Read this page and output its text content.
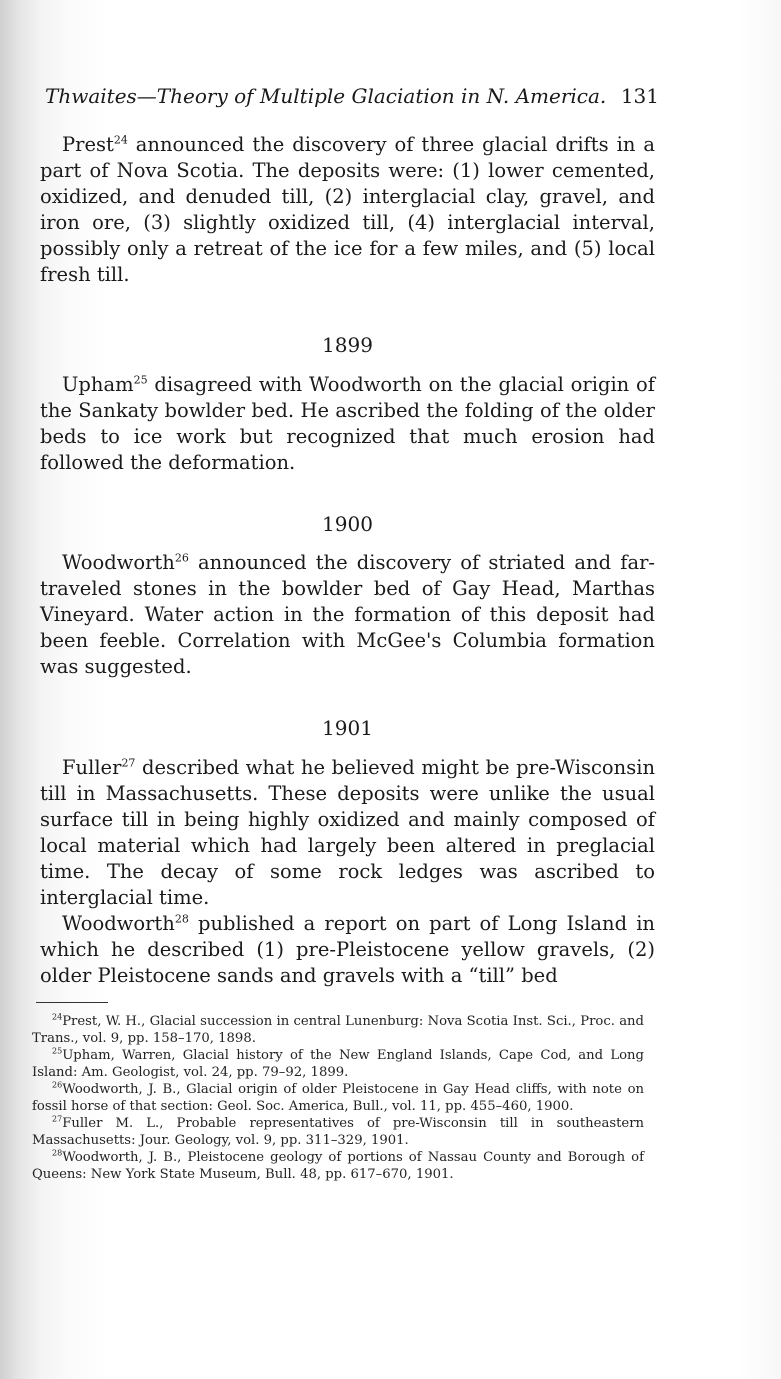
Thwaites—Theory of Multiple Glaciation in N. America. 131

Prest$^{24}$ announced the discovery of three glacial drifts in a part of Nova Scotia. The deposits were: (1) lower cemented, oxidized, and denuded till, (2) interglacial clay, gravel, and iron ore, (3) slightly oxidized till, (4) interglacial interval, possibly only a retreat of the ice for a few miles, and (5) local fresh till.

1899

Upham$^{25}$ disagreed with Woodworth on the glacial origin of the Sankaty bowlder bed. He ascribed the folding of the older beds to ice work but recognized that much erosion had followed the deformation.

1900

Woodworth$^{26}$ announced the discovery of striated and far-traveled stones in the bowlder bed of Gay Head, Marthas Vineyard. Water action in the formation of this deposit had been feeble. Correlation with McGee's Columbia formation was suggested.

1901

Fuller$^{27}$ described what he believed might be pre-Wisconsin till in Massachusetts. These deposits were unlike the usual surface till in being highly oxidized and mainly composed of local material which had largely been altered in preglacial time. The decay of some rock ledges was ascribed to interglacial time.

Woodworth$^{28}$ published a report on part of Long Island in which he described (1) pre-Pleistocene yellow gravels, (2) older Pleistocene sands and gravels with a “till” bed

$^{24}$Prest, W. H., Glacial succession in central Lunenburg: Nova Scotia Inst. Sci., Proc. and Trans., vol. 9, pp. 158–170, 1898.

$^{25}$Upham, Warren, Glacial history of the New England Islands, Cape Cod, and Long Island: Am. Geologist, vol. 24, pp. 79–92, 1899.

$^{26}$Woodworth, J. B., Glacial origin of older Pleistocene in Gay Head cliffs, with note on fossil horse of that section: Geol. Soc. America, Bull., vol. 11, pp. 455–460, 1900.

$^{27}$Fuller M. L., Probable representatives of pre-Wisconsin till in southeastern Massachusetts: Jour. Geology, vol. 9, pp. 311–329, 1901.

$^{28}$Woodworth, J. B., Pleistocene geology of portions of Nassau County and Borough of Queens: New York State Museum, Bull. 48, pp. 617–670, 1901.
